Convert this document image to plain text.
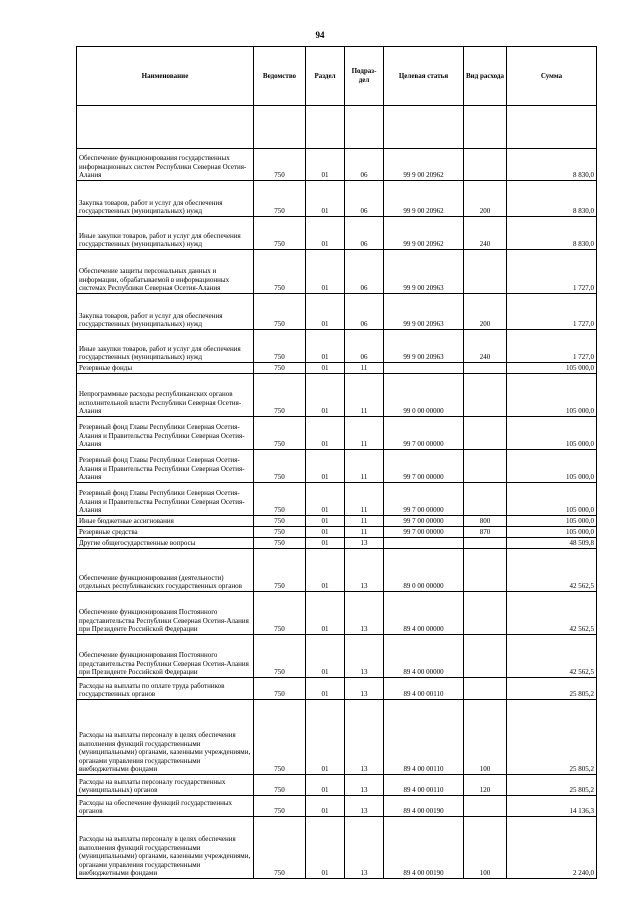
94
Наименование	Ведомство	Раздел	Подраз-дел	Целевая статья	Вид расхода	Сумма

Обеспечение функционирования государственных информационных систем Республики Северная Осетия-Алания	750	01	06	99 9 00 20962		8 830,0
Закупка товаров, работ и услуг для обеспечения государственных (муниципальных) нужд	750	01	06	99 9 00 20962	200	8 830,0
Иные закупки товаров, работ и услуг для обеспечения государственных (муниципальных) нужд	750	01	06	99 9 00 20962	240	8 830,0
Обеспечение защиты персональных данных и информации, обрабатываемой в информационных системах Республики Северная Осетия-Алания	750	01	06	99 9 00 20963		1 727,0
Закупка товаров, работ и услуг для обеспечения государственных (муниципальных) нужд	750	01	06	99 9 00 20963	200	1 727,0
Иные закупки товаров, работ и услуг для обеспечения государственных (муниципальных) нужд	750	01	06	99 9 00 20963	240	1 727,0
Резервные фонды	750	01	11			105 000,0
Непрограммные расходы республиканских органов исполнительной власти Республики Северная Осетия-Алания	750	01	11	99 0 00 00000		105 000,0
Резервный фонд Главы Республики Северная Осетия-Алания и Правительства Республики Северная Осетия-Алания	750	01	11	99 7 00 00000		105 000,0
Резервный фонд Главы Республики Северная Осетия-Алания и Правительства Республики Северная Осетия-Алания	750	01	11	99 7 00 00000		105 000,0
Резервный фонд Главы Республики Северная Осетия-Алания и Правительства Республики Северная Осетия-Алания	750	01	11	99 7 00 00000		105 000,0
Иные бюджетные ассигнования	750	01	11	99 7 00 00000	800	105 000,0
Резервные средства	750	01	11	99 7 00 00000	870	105 000,0
Другие общегосударственные вопросы	750	01	13			48 509,8
Обеспечение функционирования (деятельности) отдельных республиканских государственных органов	750	01	13	89 0 00 00000		42 562,5
Обеспечение функционирования Постоянного представительства Республики Северная Осетия-Алания при Президенте Российской Федерации	750	01	13	89 4 00 00000		42 562,5
Обеспечение функционирования Постоянного представительства Республики Северная Осетия-Алания при Президенте Российской Федерации	750	01	13	89 4 00 00000		42 562,5
Расходы на выплаты по оплате труда работников государственных органов	750	01	13	89 4 00 00110		25 805,2
Расходы на выплаты персоналу в целях обеспечения выполнения функций государственными (муниципальными) органами, казенными учреждениями, органами управления государственными внебюджетными фондами	750	01	13	89 4 00 00110	100	25 805,2
Расходы на выплаты персоналу государственных (муниципальных) органов	750	01	13	89 4 00 00110	120	25 805,2
Расходы на обеспечение функций государственных органов	750	01	13	89 4 00 00190		14 136,3
Расходы на выплаты персоналу в целях обеспечения выполнения функций государственными (муниципальными) органами, казенными учреждениями, органами управления государственными внебюджетными фондами	750	01	13	89 4 00 00190	100	2 240,0
